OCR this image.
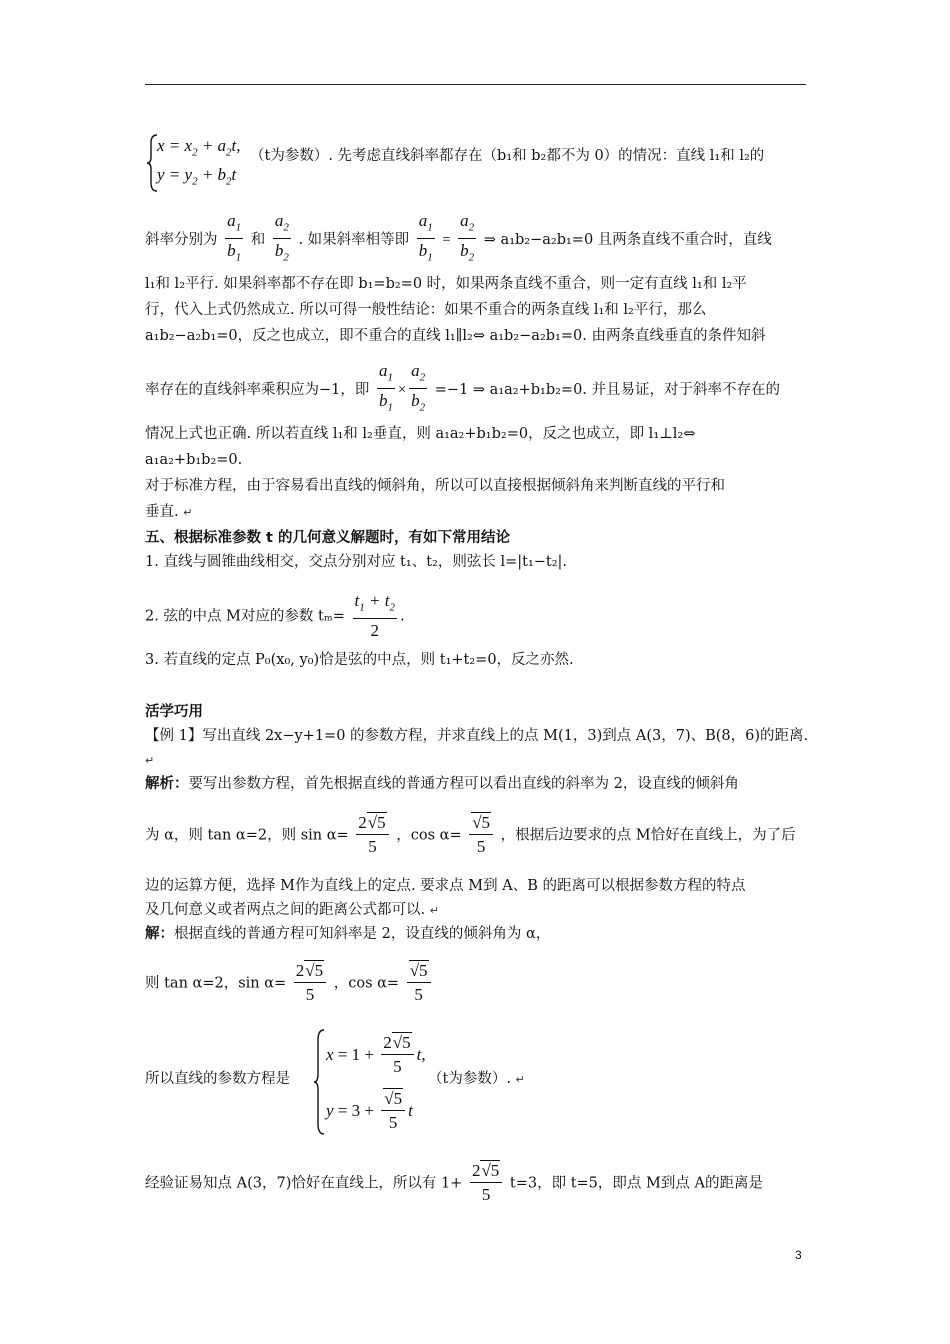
$x = x_2 + a_2t$,
$y = y_2 + b_2t$
（t为参数）. 先考虑直线斜率都存在（b₁和 b₂都不为 0）的情况：直线 l₁和 l₂的
斜率分别为 $\frac{a_1}{b_1}$ 和 $\frac{a_2}{b_2}$ . 如果斜率相等即 $\frac{a_1}{b_1} = \frac{a_2}{b_2}$ ⇒ a₁b₂−a₂b₁=0 且两条直线不重合时，直线
l₁和 l₂平行. 如果斜率都不存在即 b₁=b₂=0 时，如果两条直线不重合，则一定有直线 l₁和 l₂平
行，代入上式仍然成立. 所以可得一般性结论：如果不重合的两条直线 l₁和 l₂平行，那么
a₁b₂−a₂b₁=0，反之也成立，即不重合的直线 l₁∥l₂⇔ a₁b₂−a₂b₁=0. 由两条直线垂直的条件知斜
率存在的直线斜率乘积应为−1，即 $\frac{a_1}{b_1} \times \frac{a_2}{b_2} =-1$ ⇒ a₁a₂+b₁b₂=0. 并且易证，对于斜率不存在的
情况上式也正确. 所以若直线 l₁和 l₂垂直，则 a₁a₂+b₁b₂=0，反之也成立，即 l₁⊥l₂⇔
a₁a₂+b₁b₂=0.
对于标准方程，由于容易看出直线的倾斜角，所以可以直接根据倾斜角来判断直线的平行和
垂直. ↵
五、根据标准参数 t 的几何意义解题时，有如下常用结论
1. 直线与圆锥曲线相交，交点分别对应 t₁、t₂，则弦长 l=|t₁−t₂|.
2. 弦的中点 M对应的参数 $t_m= \frac{t_1 + t_2}{2}$ .
3. 若直线的定点 P₀(x₀, y₀)恰是弦的中点，则 t₁+t₂=0，反之亦然.
活学巧用
【例 1】写出直线 2x−y+1=0 的参数方程，并求直线上的点 M(1，3)到点 A(3，7)、B(8，6)的距离.
↵
解析：要写出参数方程，首先根据直线的普通方程可以看出直线的斜率为 2，设直线的倾斜角
为 α，则 tan α=2，则 $\sin \alpha= \frac{2√5}{5}$ ，$\cos \alpha= \frac{√5}{5}$ ，根据后边要求的点 M恰好在直线上，为了后
边的运算方便，选择 M作为直线上的定点. 要求点 M到 A、B 的距离可以根据参数方程的特点
及几何意义或者两点之间的距离公式都可以. ↵
解：根据直线的普通方程可知斜率是 2，设直线的倾斜角为 α，
则 tan α=2，$\sin \alpha= \frac{2√5}{5}$ ，$\cos \alpha= \frac{√5}{5}$
所以直线的参数方程是
$x = 1 + \frac{2√5}{5} t$,
$y = 3 + \frac{√5}{5}$ t
（t为参数）. ↵
经验证易知点 A(3，7)恰好在直线上，所以有 $1+ \frac{2√5}{5} t=3$，即 t=5，即点 M到点 A的距离是
3
